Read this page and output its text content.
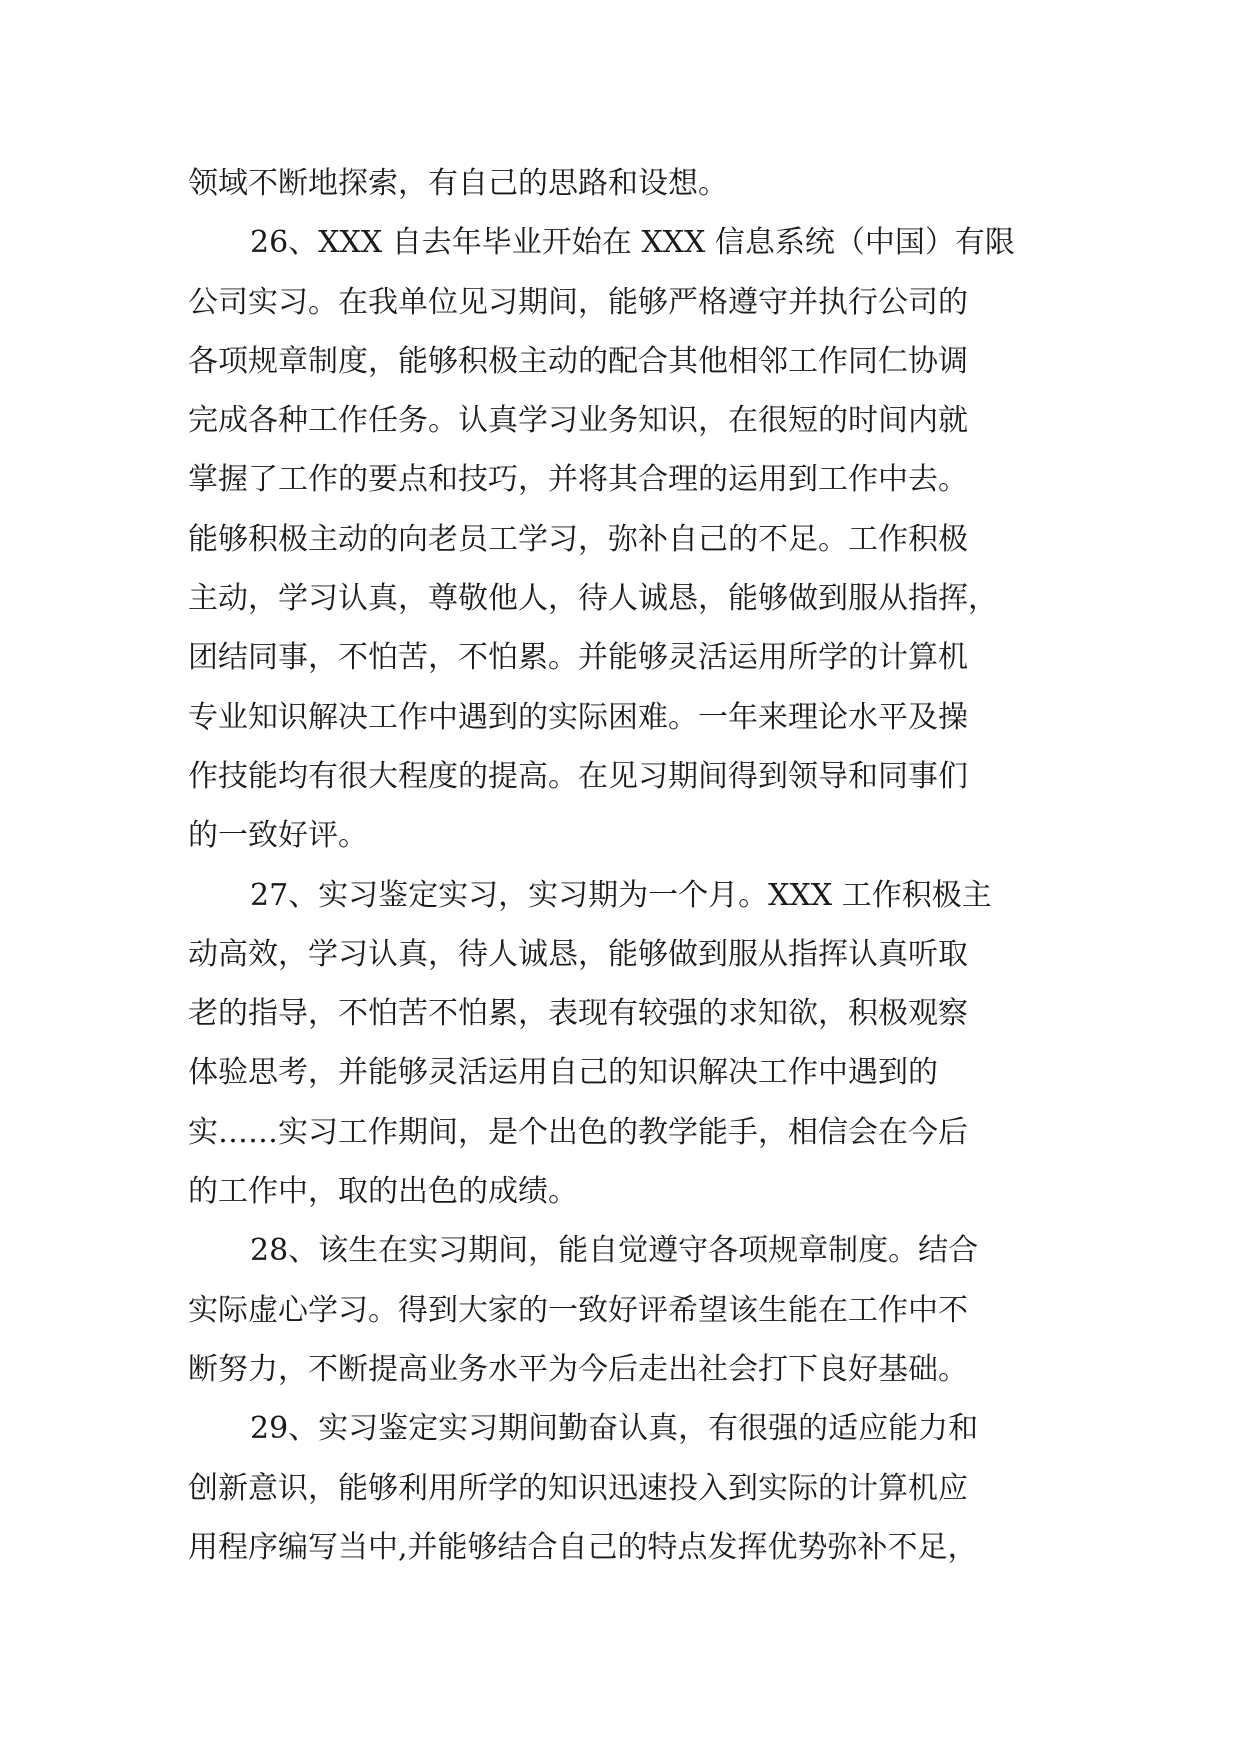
领域不断地探索，有自己的思路和设想。
26、XXX 自去年毕业开始在 XXX 信息系统（中国）有限
公司实习。在我单位见习期间，能够严格遵守并执行公司的
各项规章制度，能够积极主动的配合其他相邻工作同仁协调
完成各种工作任务。认真学习业务知识，在很短的时间内就
掌握了工作的要点和技巧，并将其合理的运用到工作中去。
能够积极主动的向老员工学习，弥补自己的不足。工作积极
主动，学习认真，尊敬他人，待人诚恳，能够做到服从指挥，
团结同事，不怕苦，不怕累。并能够灵活运用所学的计算机
专业知识解决工作中遇到的实际困难。一年来理论水平及操
作技能均有很大程度的提高。在见习期间得到领导和同事们
的一致好评。
27、实习鉴定实习，实习期为一个月。XXX 工作积极主
动高效，学习认真，待人诚恳，能够做到服从指挥认真听取
老的指导，不怕苦不怕累，表现有较强的求知欲，积极观察
体验思考，并能够灵活运用自己的知识解决工作中遇到的
实……实习工作期间，是个出色的教学能手，相信会在今后
的工作中，取的出色的成绩。
28、该生在实习期间，能自觉遵守各项规章制度。结合
实际虚心学习。得到大家的一致好评希望该生能在工作中不
断努力，不断提高业务水平为今后走出社会打下良好基础。
29、实习鉴定实习期间勤奋认真，有很强的适应能力和
创新意识，能够利用所学的知识迅速投入到实际的计算机应
用程序编写当中,并能够结合自己的特点发挥优势弥补不足，
